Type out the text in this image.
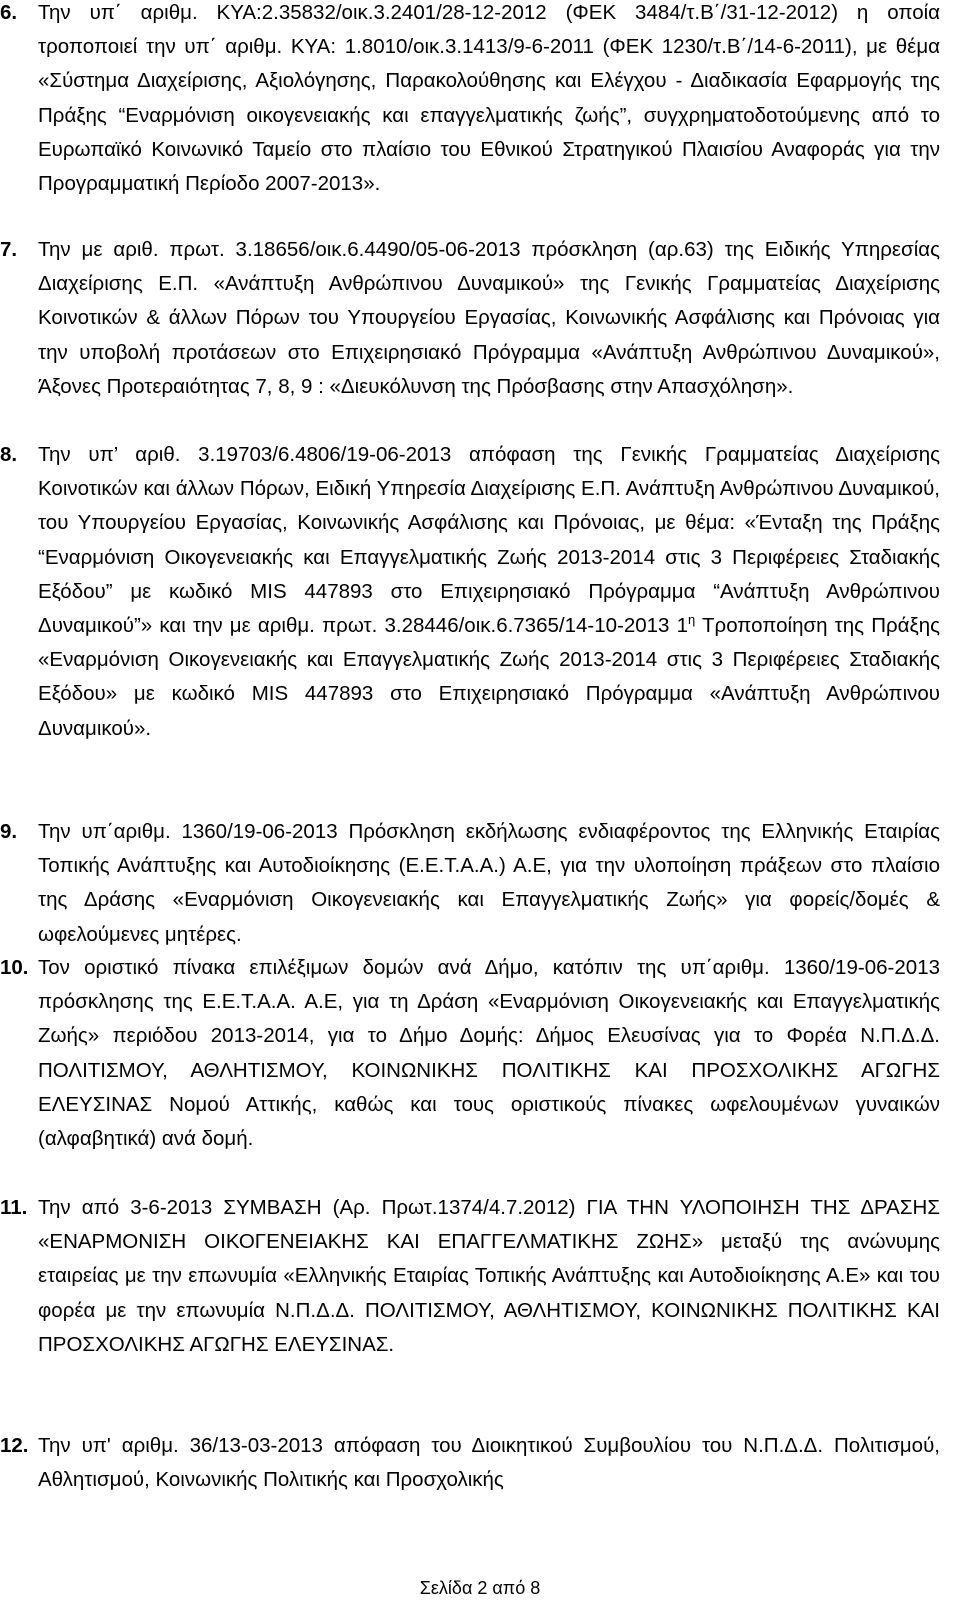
6.	Την υπ΄ αριθμ. ΚΥΑ:2.35832/οικ.3.2401/28-12-2012 (ΦΕΚ 3484/τ.Β΄/31-12-2012) η οποία τροποποιεί την υπ΄ αριθμ. ΚΥΑ: 1.8010/οικ.3.1413/9-6-2011 (ΦΕΚ 1230/τ.Β΄/14-6-2011), με θέμα «Σύστημα Διαχείρισης, Αξιολόγησης, Παρακολούθησης και Ελέγχου - Διαδικασία Εφαρμογής της Πράξης “Εναρμόνιση οικογενειακής και επαγγελματικής ζωής”, συγχρηματοδοτούμενης από το Ευρωπαϊκό Κοινωνικό Ταμείο στο πλαίσιο του Εθνικού Στρατηγικού Πλαισίου Αναφοράς για την Προγραμματική Περίοδο 2007-2013».

7.	Την με αριθ. πρωτ. 3.18656/οικ.6.4490/05-06-2013 πρόσκληση (αρ.63) της Ειδικής Υπηρεσίας Διαχείρισης Ε.Π. «Ανάπτυξη Ανθρώπινου Δυναμικού» της Γενικής Γραμματείας Διαχείρισης Κοινοτικών & άλλων Πόρων του Υπουργείου Εργασίας, Κοινωνικής Ασφάλισης και Πρόνοιας για την υποβολή προτάσεων στο Επιχειρησιακό Πρόγραμμα «Ανάπτυξη Ανθρώπινου Δυναμικού», Άξονες Προτεραιότητας 7, 8, 9 : «Διευκόλυνση της Πρόσβασης στην Απασχόληση».

8.	Την υπ’ αριθ. 3.19703/6.4806/19-06-2013 απόφαση της Γενικής Γραμματείας Διαχείρισης Κοινοτικών και άλλων Πόρων, Ειδική Υπηρεσία Διαχείρισης Ε.Π. Ανάπτυξη Ανθρώπινου Δυναμικού, του Υπουργείου Εργασίας, Κοινωνικής Ασφάλισης και Πρόνοιας, με θέμα: «Ένταξη της Πράξης “Εναρμόνιση Οικογενειακής και Επαγγελματικής Ζωής 2013-2014 στις 3 Περιφέρειες Σταδιακής Εξόδου” με κωδικό MIS 447893 στο Επιχειρησιακό Πρόγραμμα “Ανάπτυξη Ανθρώπινου Δυναμικού”» και την με αριθμ. πρωτ. 3.28446/οικ.6.7365/14-10-2013 $1^\eta$ Τροποποίηση της Πράξης «Εναρμόνιση Οικογενειακής και Επαγγελματικής Ζωής 2013-2014 στις 3 Περιφέρειες Σταδιακής Εξόδου» με κωδικό MIS 447893 στο Επιχειρησιακό Πρόγραμμα «Ανάπτυξη Ανθρώπινου Δυναμικού».

9.	Την υπ΄αριθμ. 1360/19-06-2013 Πρόσκληση εκδήλωσης ενδιαφέροντος της Ελληνικής Εταιρίας Τοπικής Ανάπτυξης και Αυτοδιοίκησης (Ε.Ε.Τ.Α.Α.) Α.Ε, για την υλοποίηση πράξεων στο πλαίσιο της Δράσης «Εναρμόνιση Οικογενειακής και Επαγγελματικής Ζωής» για φορείς/δομές & ωφελούμενες μητέρες.

10. Τον οριστικό πίνακα επιλέξιμων δομών ανά Δήμο, κατόπιν της υπ΄αριθμ. 1360/19-06-2013 πρόσκλησης της Ε.Ε.Τ.Α.Α. Α.Ε, για τη Δράση «Εναρμόνιση Οικογενειακής και Επαγγελματικής Ζωής» περιόδου 2013-2014, για το Δήμο Δομής: Δήμος Ελευσίνας για το Φορέα Ν.Π.Δ.Δ. ΠΟΛΙΤΙΣΜΟΥ, ΑΘΛΗΤΙΣΜΟΥ, ΚΟΙΝΩΝΙΚΗΣ ΠΟΛΙΤΙΚΗΣ ΚΑΙ ΠΡΟΣΧΟΛΙΚΗΣ ΑΓΩΓΗΣ ΕΛΕΥΣΙΝΑΣ Νομού Αττικής, καθώς και τους οριστικούς πίνακες ωφελουμένων γυναικών (αλφαβητικά) ανά δομή.

11. Την από 3-6-2013 ΣΥΜΒΑΣΗ (Αρ. Πρωτ.1374/4.7.2012) ΓΙΑ ΤΗΝ ΥΛΟΠΟΙΗΣΗ ΤΗΣ ΔΡΑΣΗΣ «ΕΝΑΡΜΟΝΙΣΗ ΟΙΚΟΓΕΝΕΙΑΚΗΣ ΚΑΙ ΕΠΑΓΓΕΛΜΑΤΙΚΗΣ ΖΩΗΣ» μεταξύ της ανώνυμης εταιρείας με την επωνυμία «Ελληνικής Εταιρίας Τοπικής Ανάπτυξης και Αυτοδιοίκησης Α.Ε» και του φορέα με την επωνυμία Ν.Π.Δ.Δ. ΠΟΛΙΤΙΣΜΟΥ, ΑΘΛΗΤΙΣΜΟΥ, ΚΟΙΝΩΝΙΚΗΣ ΠΟΛΙΤΙΚΗΣ ΚΑΙ ΠΡΟΣΧΟΛΙΚΗΣ ΑΓΩΓΗΣ ΕΛΕΥΣΙΝΑΣ.

12. Την υπ' αριθμ. 36/13-03-2013 απόφαση του Διοικητικού Συμβουλίου του Ν.Π.Δ.Δ. Πολιτισμού, Αθλητισμού, Κοινωνικής Πολιτικής και Προσχολικής

Σελίδα 2 από 8
